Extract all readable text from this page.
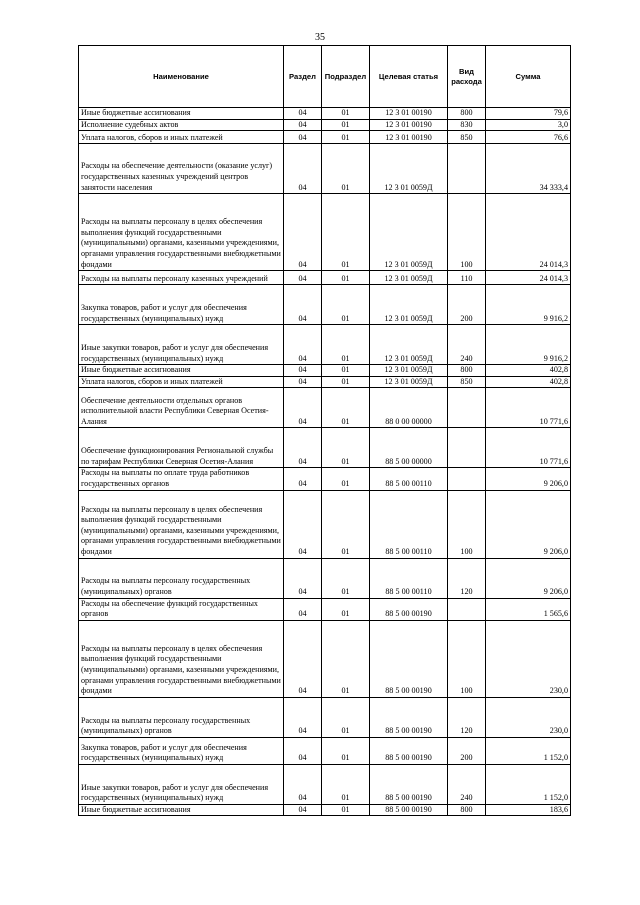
35
Наименование	Раздел	Подраздел	Целевая статья	Вид расхода	Сумма
Иные бюджетные ассигнования	04	01	12 3 01 00190	800	79,6
Исполнение судебных актов	04	01	12 3 01 00190	830	3,0
Уплата налогов, сборов и иных платежей	04	01	12 3 01 00190	850	76,6
Расходы на обеспечение деятельности (оказание услуг) государственных казенных учреждений центров занятости населения	04	01	12 3 01 0059Д		34 333,4
Расходы на выплаты персоналу в целях обеспечения выполнения функций государственными (муниципальными) органами, казенными учреждениями, органами управления государственными внебюджетными фондами	04	01	12 3 01 0059Д	100	24 014,3
Расходы на выплаты персоналу казенных учреждений	04	01	12 3 01 0059Д	110	24 014,3
Закупка товаров, работ и услуг для обеспечения государственных (муниципальных) нужд	04	01	12 3 01 0059Д	200	9 916,2
Иные закупки товаров, работ и услуг для обеспечения государственных (муниципальных) нужд	04	01	12 3 01 0059Д	240	9 916,2
Иные бюджетные ассигнования	04	01	12 3 01 0059Д	800	402,8
Уплата налогов, сборов и иных платежей	04	01	12 3 01 0059Д	850	402,8
Обеспечение деятельности отдельных органов исполнительной власти Республики Северная Осетия-Алания	04	01	88 0 00 00000		10 771,6
Обеспечение функционирования Региональной службы по тарифам Республики Северная Осетия-Алания	04	01	88 5 00 00000		10 771,6
Расходы на выплаты по оплате труда работников государственных органов	04	01	88 5 00 00110		9 206,0
Расходы на выплаты персоналу в целях обеспечения выполнения функций государственными (муниципальными) органами, казенными учреждениями, органами управления государственными внебюджетными фондами	04	01	88 5 00 00110	100	9 206,0
Расходы на выплаты персоналу государственных (муниципальных) органов	04	01	88 5 00 00110	120	9 206,0
Расходы на обеспечение функций государственных органов	04	01	88 5 00 00190		1 565,6
Расходы на выплаты персоналу в целях обеспечения выполнения функций государственными (муниципальными) органами, казенными учреждениями, органами управления государственными внебюджетными фондами	04	01	88 5 00 00190	100	230,0
Расходы на выплаты персоналу государственных (муниципальных) органов	04	01	88 5 00 00190	120	230,0
Закупка товаров, работ и услуг для обеспечения государственных (муниципальных) нужд	04	01	88 5 00 00190	200	1 152,0
Иные закупки товаров, работ и услуг для обеспечения государственных (муниципальных) нужд	04	01	88 5 00 00190	240	1 152,0
Иные бюджетные ассигнования	04	01	88 5 00 00190	800	183,6
